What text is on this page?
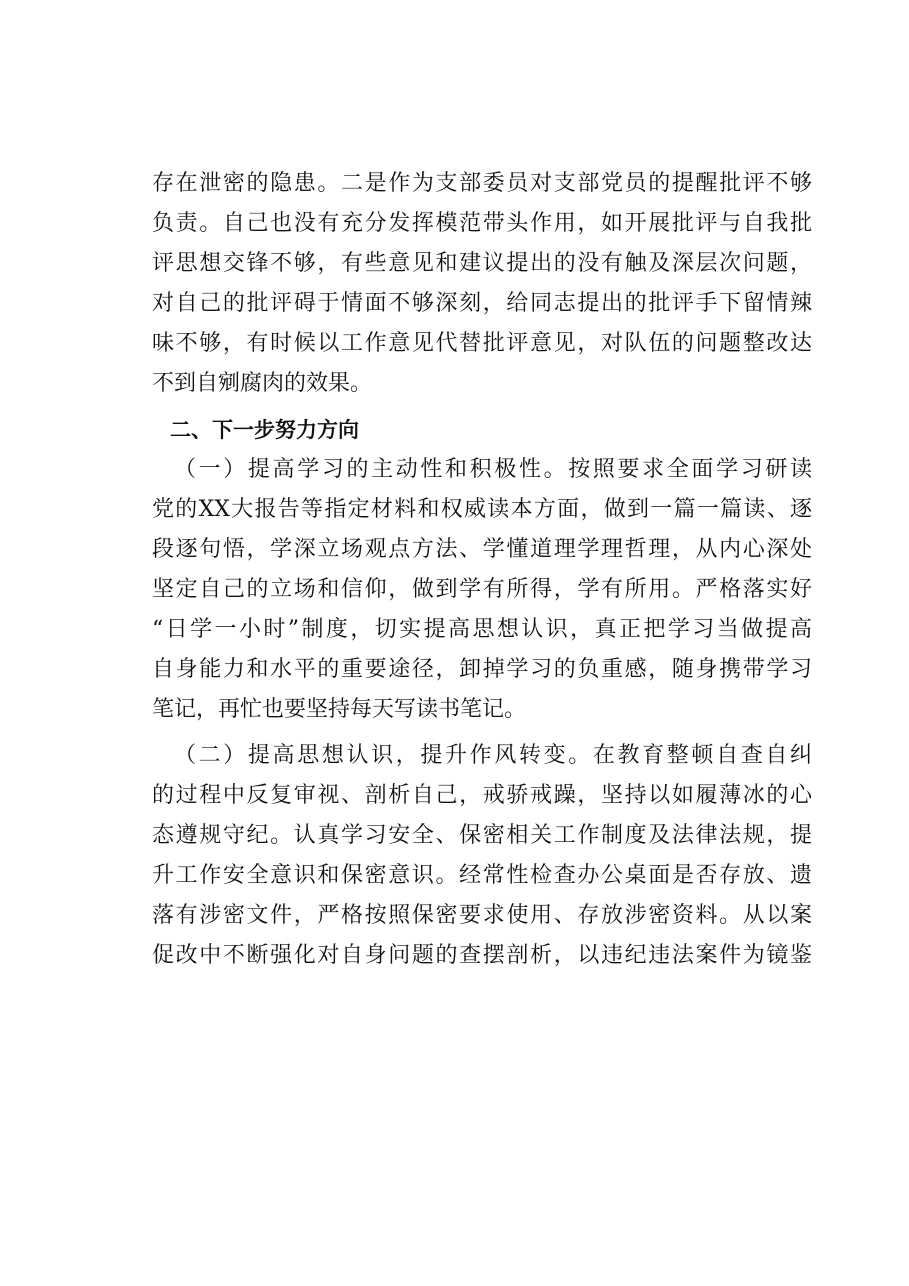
存在泄密的隐患。二是作为支部委员对支部党员的提醒批评不够
负责。自己也没有充分发挥模范带头作用，如开展批评与自我批
评思想交锋不够，有些意见和建议提出的没有触及深层次问题，
对自己的批评碍于情面不够深刻，给同志提出的批评手下留情辣
味不够，有时候以工作意见代替批评意见，对队伍的问题整改达
不到自剜腐肉的效果。
二、下一步努力方向
（一）提高学习的主动性和积极性。按照要求全面学习研读
党的XX大报告等指定材料和权威读本方面，做到一篇一篇读、逐
段逐句悟，学深立场观点方法、学懂道理学理哲理，从内心深处
坚定自己的立场和信仰，做到学有所得，学有所用。严格落实好
“日学一小时”制度，切实提高思想认识，真正把学习当做提高
自身能力和水平的重要途径，卸掉学习的负重感，随身携带学习
笔记，再忙也要坚持每天写读书笔记。
（二）提高思想认识，提升作风转变。在教育整顿自查自纠
的过程中反复审视、剖析自己，戒骄戒躁，坚持以如履薄冰的心
态遵规守纪。认真学习安全、保密相关工作制度及法律法规，提
升工作安全意识和保密意识。经常性检查办公桌面是否存放、遗
落有涉密文件，严格按照保密要求使用、存放涉密资料。从以案
促改中不断强化对自身问题的查摆剖析，以违纪违法案件为镜鉴
